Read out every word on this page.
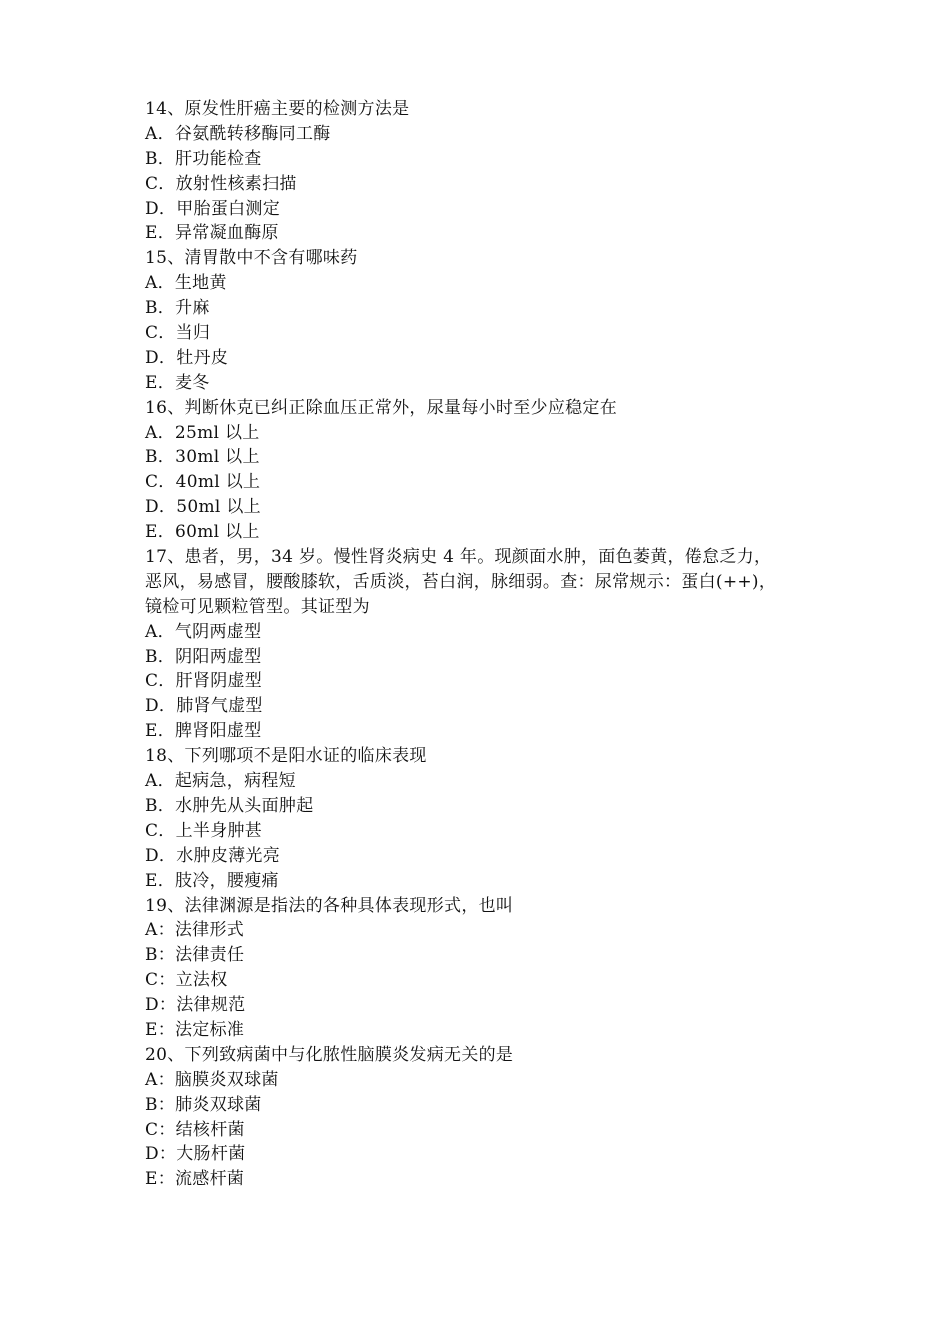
14、原发性肝癌主要的检测方法是
A．谷氨酰转移酶同工酶
B．肝功能检查
C．放射性核素扫描
D．甲胎蛋白测定
E．异常凝血酶原
15、清胃散中不含有哪味药
A．生地黄
B．升麻
C．当归
D．牡丹皮
E．麦冬
16、判断休克已纠正除血压正常外，尿量每小时至少应稳定在
A．25ml 以上
B．30ml 以上
C．40ml 以上
D．50ml 以上
E．60ml 以上
17、患者，男，34 岁。慢性肾炎病史 4 年。现颜面水肿，面色萎黄，倦怠乏力，
恶风，易感冒，腰酸膝软，舌质淡，苔白润，脉细弱。查：尿常规示：蛋白(++)，
镜检可见颗粒管型。其证型为
A．气阴两虚型
B．阴阳两虚型
C．肝肾阴虚型
D．肺肾气虚型
E．脾肾阳虚型
18、下列哪项不是阳水证的临床表现
A．起病急，病程短
B．水肿先从头面肿起
C．上半身肿甚
D．水肿皮薄光亮
E．肢冷，腰瘦痛
19、法律渊源是指法的各种具体表现形式，也叫
A：法律形式
B：法律责任
C：立法权
D：法律规范
E：法定标准
20、下列致病菌中与化脓性脑膜炎发病无关的是
A：脑膜炎双球菌
B：肺炎双球菌
C：结核杆菌
D：大肠杆菌
E：流感杆菌
